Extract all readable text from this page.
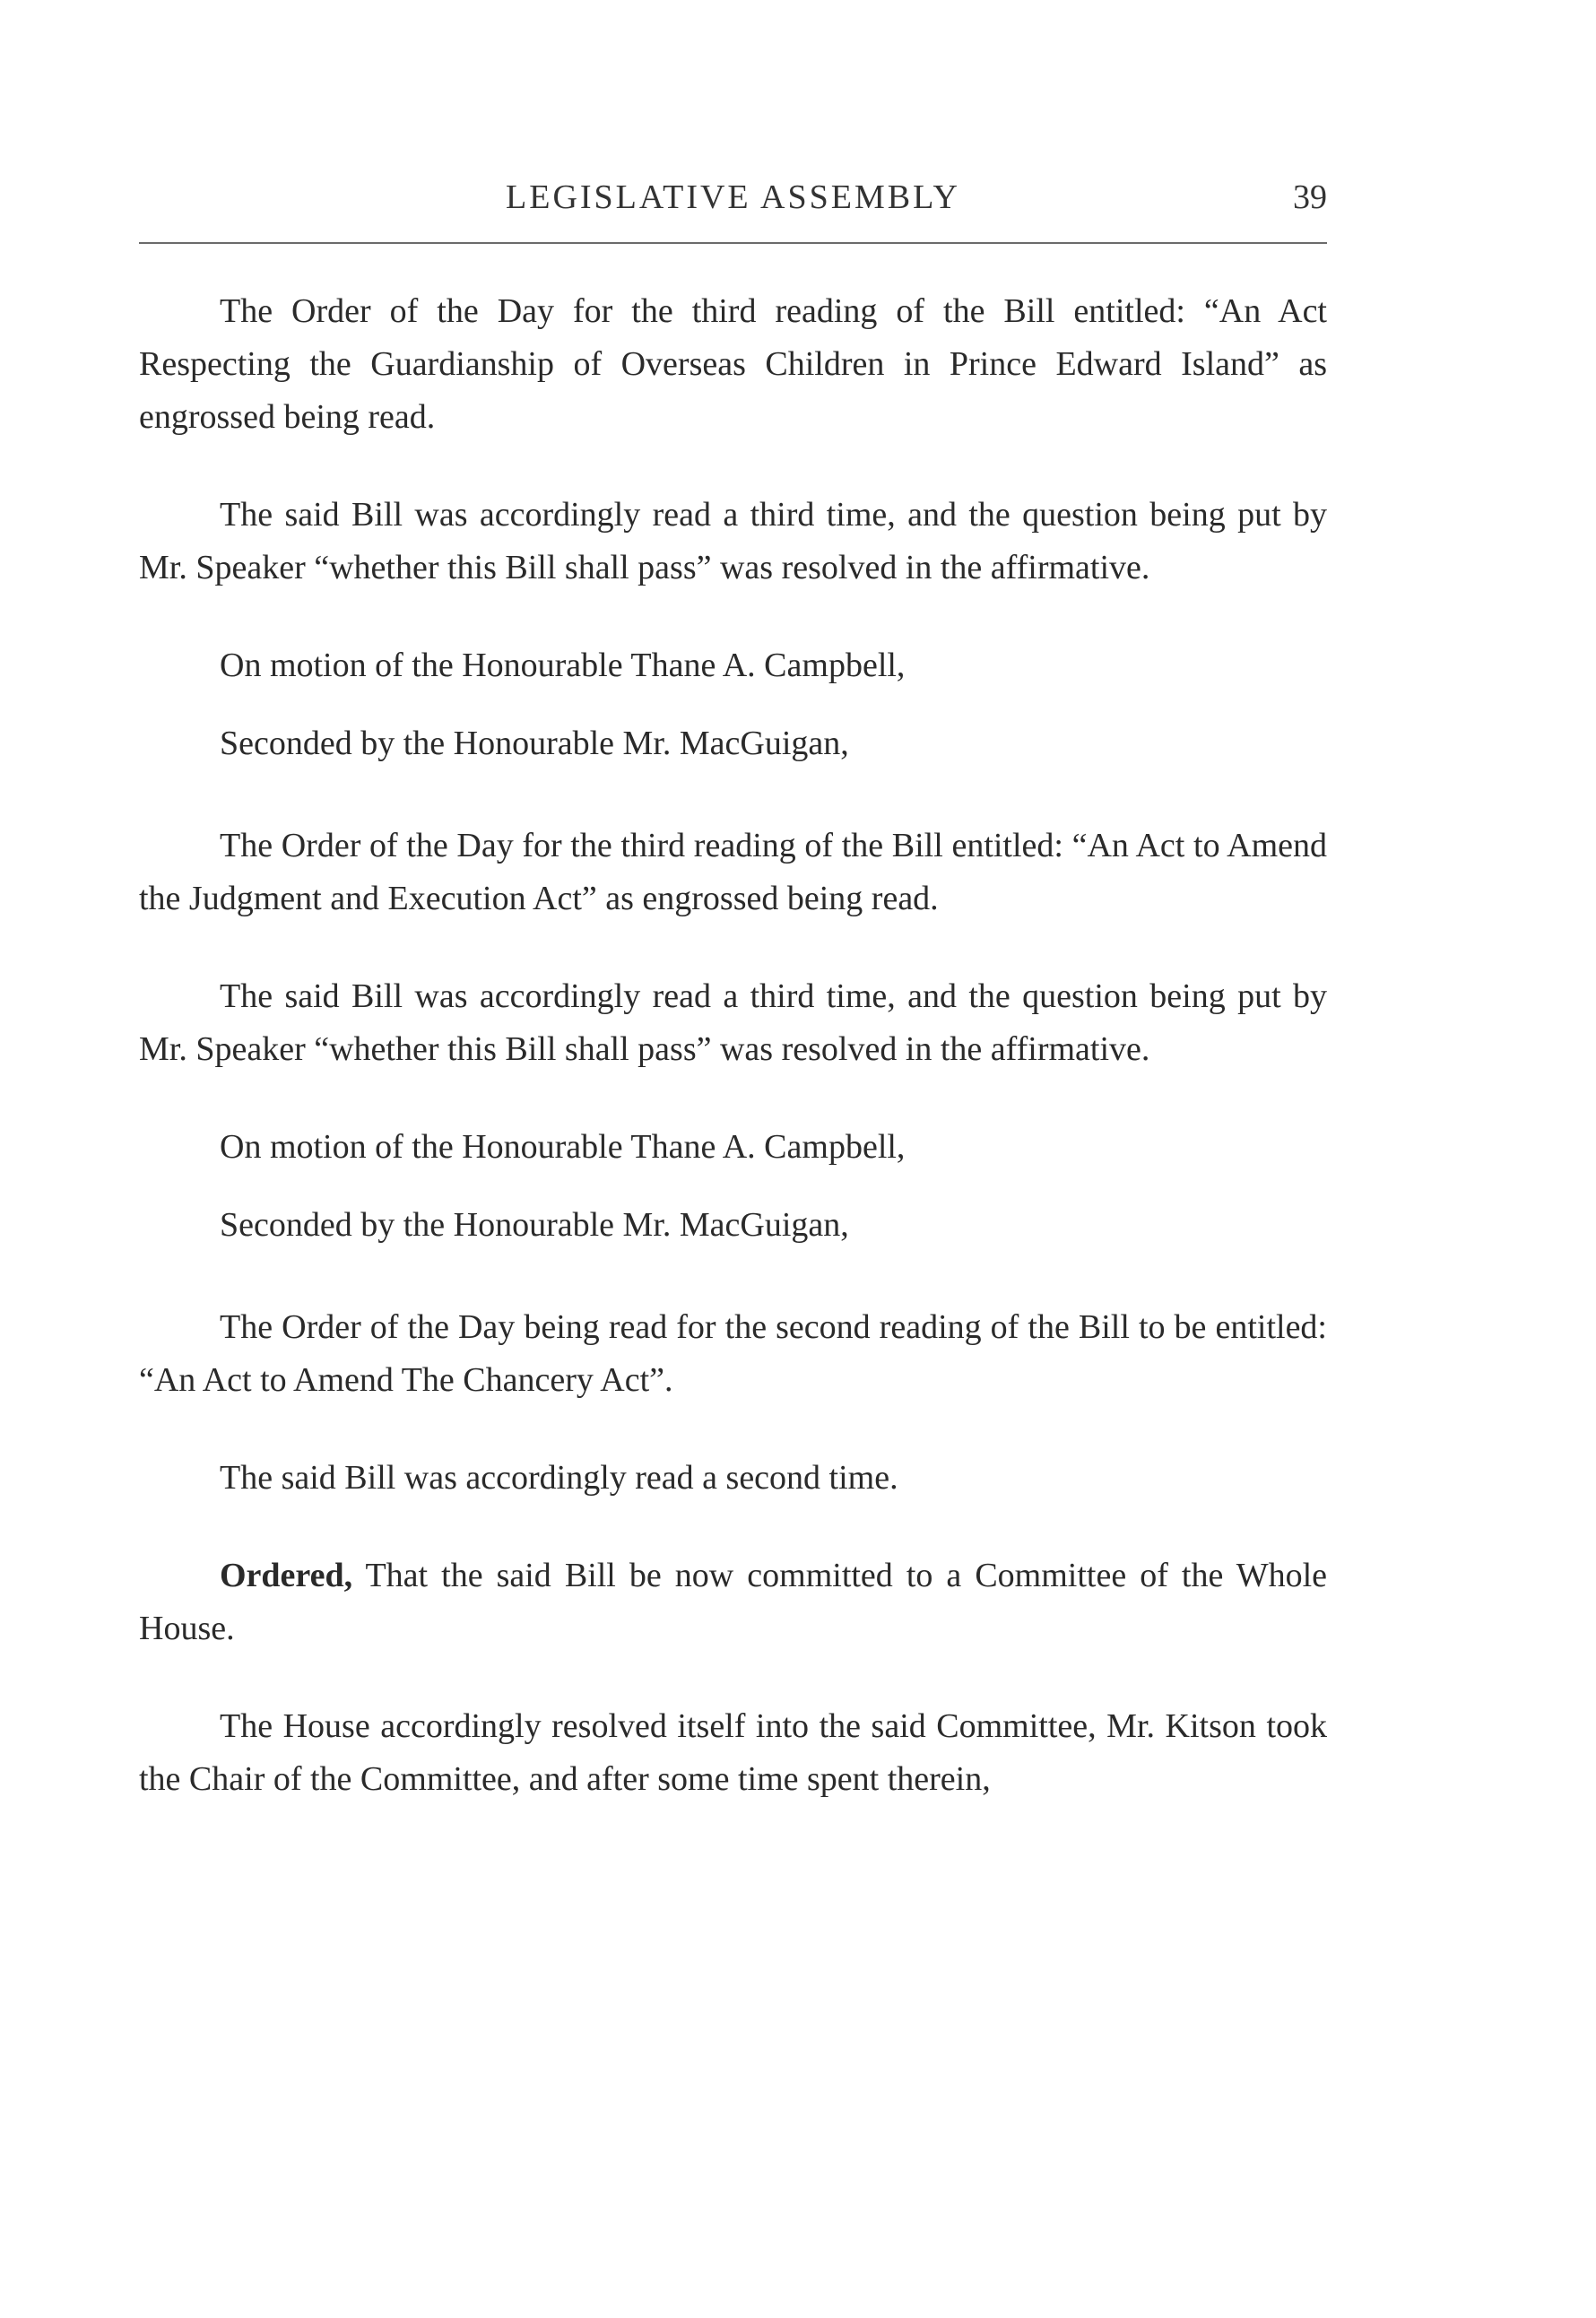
LEGISLATIVE ASSEMBLY	39

The Order of the Day for the third reading of the Bill entitled: “An Act Respecting the Guardianship of Overseas Children in Prince Edward Island” as engrossed being read.

The said Bill was accordingly read a third time, and the question being put by Mr. Speaker “whether this Bill shall pass” was resolved in the affirmative.

On motion of the Honourable Thane A. Campbell,

Seconded by the Honourable Mr. MacGuigan,

The Order of the Day for the third reading of the Bill entitled: “An Act to Amend the Judgment and Execution Act” as engrossed being read.

The said Bill was accordingly read a third time, and the question being put by Mr. Speaker “whether this Bill shall pass” was resolved in the affirmative.

On motion of the Honourable Thane A. Campbell,

Seconded by the Honourable Mr. MacGuigan,

The Order of the Day being read for the second reading of the Bill to be entitled: “An Act to Amend The Chancery Act”.

The said Bill was accordingly read a second time.

Ordered, That the said Bill be now committed to a Committee of the Whole House.

The House accordingly resolved itself into the said Committee, Mr. Kitson took the Chair of the Committee, and after some time spent therein,
